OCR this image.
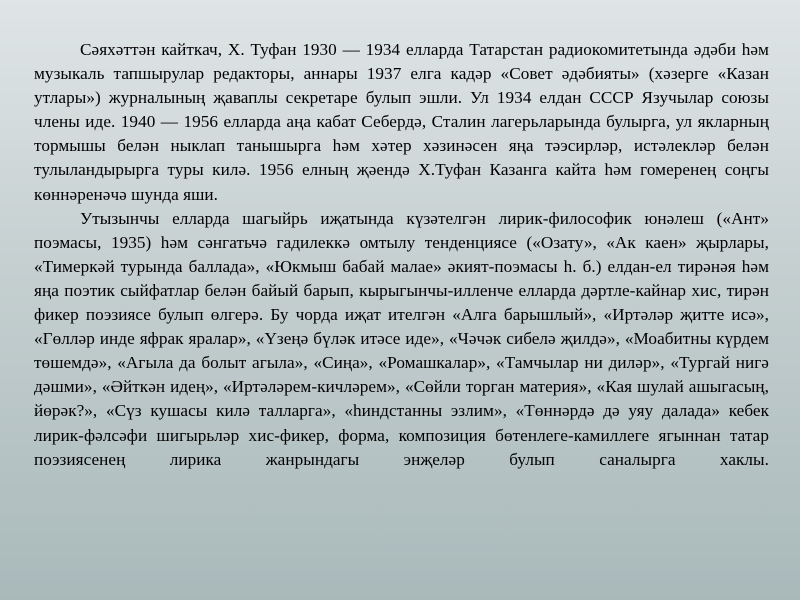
Сәяхәттән кайткач, Х. Туфан 1930 — 1934 елларда Татарстан радиокомитетында әдәби һәм музыкаль тапшырулар редакторы, аннары 1937 елга кадәр «Совет әдәбияты» (хәзерге «Казан утлары») журналының җаваплы секретаре булып эшли. Ул 1934 елдан СССР Язучылар союзы члены иде. 1940 — 1956 елларда аңа кабат Себердә, Сталин лагерьларында булырга, ул якларның тормышы белән ныклап танышырга һәм хәтер хәзинәсен яңа тәэсирләр, истәлекләр белән тулыландырырга туры килә. 1956 елның җәендә Х.Туфан Казанга кайта һәм гомеренең соңгы көннәренәчә шунда яши.

Утызынчы елларда шагыйрь иҗатында күзәтелгән лирик-философик юнәлеш («Ант» поэмасы, 1935) һәм сәнгатьчә гадилеккә омтылу тенденциясе («Озату», «Ак каен» җырлары, «Тимеркәй турында баллада», «Юкмыш бабай малае» әкият-поэмасы һ. б.) елдан-ел тирәнәя һәм яңа поэтик сыйфатлар белән байый барып, кырыгынчы-илленче елларда дәртле-кайнар хис, тирән фикер поэзиясе булып өлгерә. Бу чорда иҗат ителгән «Алга барышлый», «Иртәләр җитте исә», «Гөлләр инде яфрак яралар», «Үзеңә бүләк итәсе иде», «Чәчәк сибелә җилдә», «Моабитны күрдем төшемдә», «Агыла да болыт агыла», «Сиңа», «Ромашкалар», «Тамчылар ни диләр», «Тургай нигә дәшми», «Әйткән идең», «Иртәләрем-кичләрем», «Сөйли торган материя», «Кая шулай ашыгасың, йөрәк?», «Сүз кушасы килә талларга», «һиндстанны эзлим», «Төннәрдә дә уяу далада» кебек лирик-фәлсәфи шигырьләр хис-фикер, форма, композиция бөтенлеге-камиллеге ягыннан татар поэзиясенең лирика жанрындагы энҗеләр булып саналырга хаклы.
